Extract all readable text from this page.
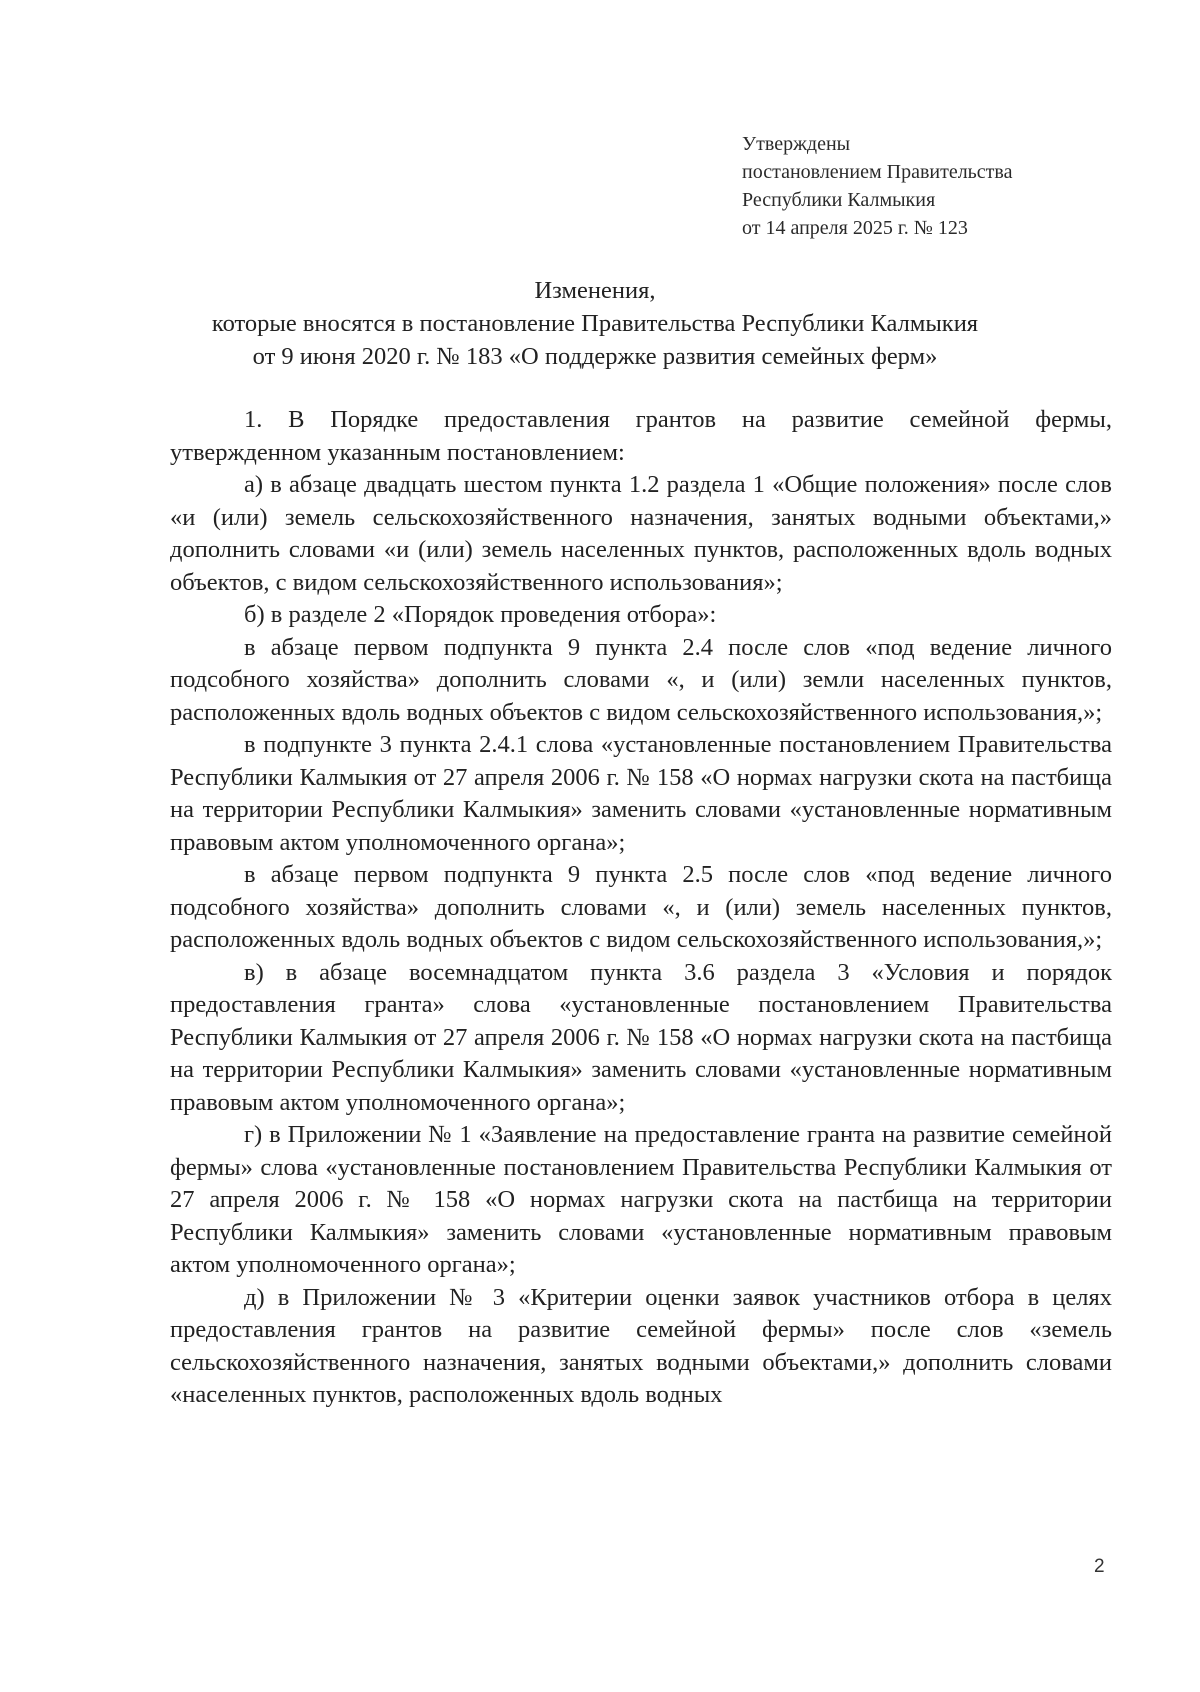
Утверждены
постановлением Правительства
Республики Калмыкия
от 14 апреля 2025 г. № 123
Изменения,
которые вносятся в постановление Правительства Республики Калмыкия
от 9 июня 2020 г. № 183 «О поддержке развития семейных ферм»

1. В Порядке предоставления грантов на развитие семейной фермы, утвержденном указанным постановлением:

а) в абзаце двадцать шестом пункта 1.2 раздела 1 «Общие положения» после слов «и (или) земель сельскохозяйственного назначения, занятых водными объектами,» дополнить словами «и (или) земель населенных пунктов, расположенных вдоль водных объектов, с видом сельскохозяйственного использования»;

б) в разделе 2 «Порядок проведения отбора»:

в абзаце первом подпункта 9 пункта 2.4 после слов «под ведение личного подсобного хозяйства» дополнить словами «, и (или) земли населенных пунктов, расположенных вдоль водных объектов с видом сельскохозяйственного использования,»;

в подпункте 3 пункта 2.4.1 слова «установленные постановлением Правительства Республики Калмыкия от 27 апреля 2006 г. № 158 «О нормах нагрузки скота на пастбища на территории Республики Калмыкия» заменить словами «установленные нормативным правовым актом уполномоченного органа»;

в абзаце первом подпункта 9 пункта 2.5 после слов «под ведение личного подсобного хозяйства» дополнить словами «, и (или) земель населенных пунктов, расположенных вдоль водных объектов с видом сельскохозяйственного использования,»;

в) в абзаце восемнадцатом пункта 3.6 раздела 3 «Условия и порядок предоставления гранта» слова «установленные постановлением Правительства Республики Калмыкия от 27 апреля 2006 г. № 158 «О нормах нагрузки скота на пастбища на территории Республики Калмыкия» заменить словами «установленные нормативным правовым актом уполномоченного органа»;

г) в Приложении № 1 «Заявление на предоставление гранта на развитие семейной фермы» слова «установленные постановлением Правительства Республики Калмыкия от 27 апреля 2006 г. № 158 «О нормах нагрузки скота на пастбища на территории Республики Калмыкия» заменить словами «установленные нормативным правовым актом уполномоченного органа»;

д) в Приложении № 3 «Критерии оценки заявок участников отбора в целях предоставления грантов на развитие семейной фермы» после слов «земель сельскохозяйственного назначения, занятых водными объектами,» дополнить словами «населенных пунктов, расположенных вдоль водных

2
